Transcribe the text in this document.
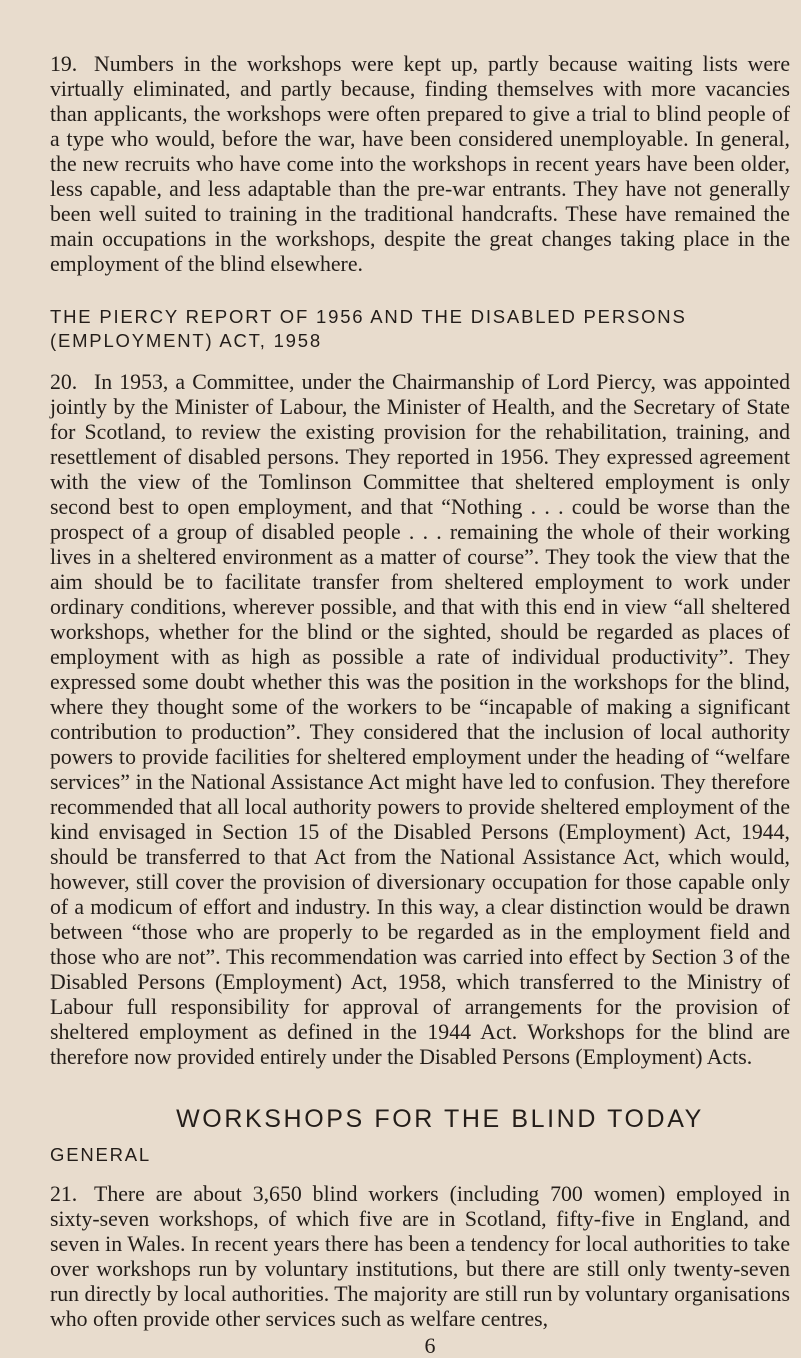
19. Numbers in the workshops were kept up, partly because waiting lists were virtually eliminated, and partly because, finding themselves with more vacancies than applicants, the workshops were often prepared to give a trial to blind people of a type who would, before the war, have been considered unemployable. In general, the new recruits who have come into the workshops in recent years have been older, less capable, and less adaptable than the pre-war entrants. They have not generally been well suited to training in the traditional handcrafts. These have remained the main occupations in the workshops, despite the great changes taking place in the employment of the blind elsewhere.

THE PIERCY REPORT OF 1956 AND THE DISABLED PERSONS
(EMPLOYMENT) ACT, 1958

20. In 1953, a Committee, under the Chairmanship of Lord Piercy, was appointed jointly by the Minister of Labour, the Minister of Health, and the Secretary of State for Scotland, to review the existing provision for the rehabilitation, training, and resettlement of disabled persons. They reported in 1956. They expressed agreement with the view of the Tomlinson Committee that sheltered employment is only second best to open employment, and that “Nothing . . . could be worse than the prospect of a group of disabled people . . . remaining the whole of their working lives in a sheltered environment as a matter of course”. They took the view that the aim should be to facilitate transfer from sheltered employment to work under ordinary conditions, wherever possible, and that with this end in view “all sheltered workshops, whether for the blind or the sighted, should be regarded as places of employment with as high as possible a rate of individual productivity”. They expressed some doubt whether this was the position in the workshops for the blind, where they thought some of the workers to be “incapable of making a significant contribution to production”. They considered that the inclusion of local authority powers to provide facilities for sheltered employment under the heading of “welfare services” in the National Assistance Act might have led to confusion. They therefore recommended that all local authority powers to provide sheltered employment of the kind envisaged in Section 15 of the Disabled Persons (Employment) Act, 1944, should be transferred to that Act from the National Assistance Act, which would, however, still cover the provision of diversionary occupation for those capable only of a modicum of effort and industry. In this way, a clear distinction would be drawn between “those who are properly to be regarded as in the employment field and those who are not”. This recommendation was carried into effect by Section 3 of the Disabled Persons (Employment) Act, 1958, which transferred to the Ministry of Labour full responsibility for approval of arrangements for the provision of sheltered employment as defined in the 1944 Act. Workshops for the blind are therefore now provided entirely under the Disabled Persons (Employment) Acts.

WORKSHOPS FOR THE BLIND TODAY
GENERAL

21. There are about 3,650 blind workers (including 700 women) employed in sixty-seven workshops, of which five are in Scotland, fifty-five in England, and seven in Wales. In recent years there has been a tendency for local authorities to take over workshops run by voluntary institutions, but there are still only twenty-seven run directly by local authorities. The majority are still run by voluntary organisations who often provide other services such as welfare centres,

6
